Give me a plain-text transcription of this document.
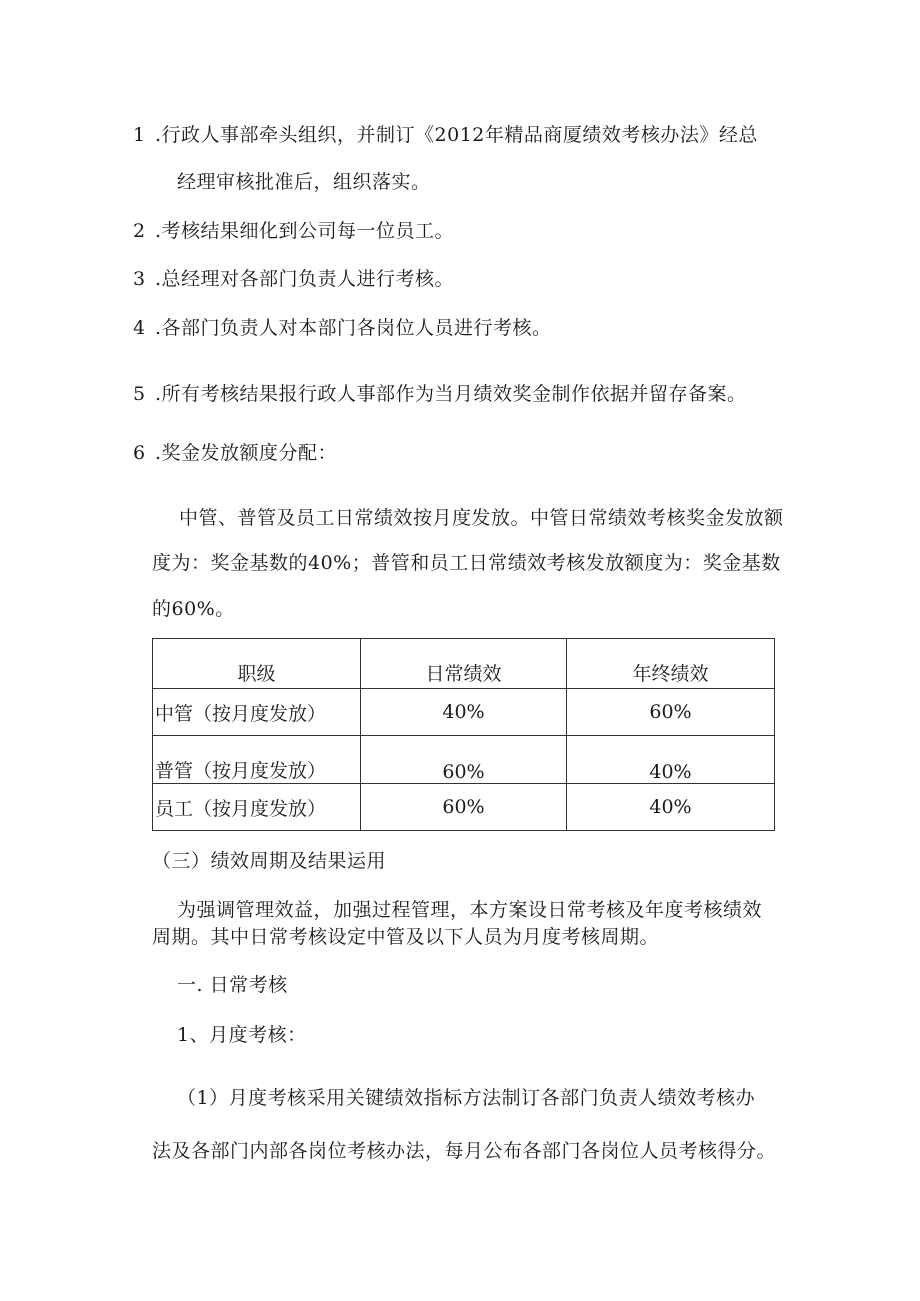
1 .行政人事部牵头组织，并制订《2012年精品商厦绩效考核办法》经总
经理审核批准后，组织落实。
2 .考核结果细化到公司每一位员工。
3 .总经理对各部门负责人进行考核。
4 .各部门负责人对本部门各岗位人员进行考核。
5 .所有考核结果报行政人事部作为当月绩效奖金制作依据并留存备案。
6 .奖金发放额度分配：
中管、普管及员工日常绩效按月度发放。中管日常绩效考核奖金发放额
度为：奖金基数的40%；普管和员工日常绩效考核发放额度为：奖金基数
的60%。
职级	日常绩效	年终绩效
中管（按月度发放）	40%	60%
普管（按月度发放）	60%	40%
员工（按月度发放）	60%	40%
（三）绩效周期及结果运用
为强调管理效益，加强过程管理，本方案设日常考核及年度考核绩效
周期。其中日常考核设定中管及以下人员为月度考核周期。
一. 日常考核
1、月度考核：
（1）月度考核采用关键绩效指标方法制订各部门负责人绩效考核办
法及各部门内部各岗位考核办法，每月公布各部门各岗位人员考核得分。
